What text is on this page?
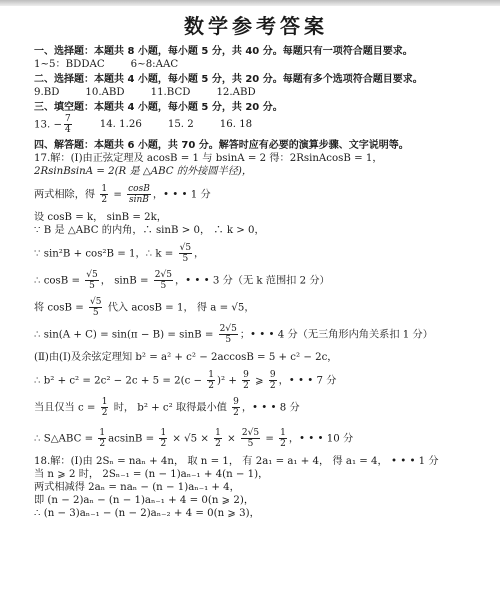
数学参考答案
一、选择题：本题共 8 小题，每小题 5 分，共 40 分。每题只有一项符合题目要求。
1~5：BDDAC	6~8:AAC
二、选择题：本题共 4 小题，每小题 5 分，共 20 分。每题有多个选项符合题目要求。
9.BD	10.ABD	11.BCD	12.ABD
三、填空题：本题共 4 小题，每小题 5 分，共 20 分。
13. − $\frac{7}{4}$	14. 1.26	15. 2	16. 18
四、解答题：本题共 6 小题，共 70 分。解答时应有必要的演算步骤、文字说明等。
17.解：(Ⅰ)由正弦定理及 acosB = 1 与 bsinA = 2 得：2RsinAcosB = 1，
2RsinBsinA = 2(R 是 △ABC 的外接圆半径)，
两式相除，得 $\frac{1}{2} = \frac{\cos B}{\sin B}$ ，• • • 1 分
设 cosB = k， sinB = 2k，
∵ B 是 △ABC 的内角，∴ sinB > 0， ∴ k > 0，
∵ sin²B + cos²B = 1，∴ $k = \frac{√5}{5}$ ，
∴ $\cos B = \frac{√5}{5}$ ， $\sin B = \frac{2√5}{5}$ ，• • • 3 分（无 k 范围扣 2 分）
将 $\cos B = \frac{√5}{5}$ 代入 acosB = 1， 得 a = √5，
∴ $\sin(A + C) = \sin(\pi - B) = \sin B = \frac{2√5}{5}$ ；• • • 4 分（无三角形内角关系扣 1 分）
(Ⅱ)由(Ⅰ)及余弦定理知 b² = a² + c² − 2accosB = 5 + c² − 2c，
∴ $b^2 + c^2 = 2c^2 - 2c + 5 = 2(c - \frac{1}{2} )^2 + \frac{9}{2}$ ⩾ $\frac{9}{2}$ ，• • • 7 分
当且仅当 $c = \frac{1}{2}$ 时， b² + c² 取得最小值 $\frac{9}{2}$ ，• • • 8 分
∴ S△ABC = $\frac{1}{2}$ $acsinB = \frac{1}{2} \times √5 \times \frac{1}{2} \times \frac{2√5}{5} = \frac{1}{2}$ ，• • • 10 分
18.解：(Ⅰ)由 2Sₙ = naₙ + 4n， 取 n = 1， 有 2a₁ = a₁ + 4， 得 a₁ = 4， • • • 1 分
当 n ⩾ 2 时， 2Sₙ₋₁ = (n − 1)aₙ₋₁ + 4(n − 1)，
两式相减得 2aₙ = naₙ − (n − 1)aₙ₋₁ + 4，
即 (n − 2)aₙ − (n − 1)aₙ₋₁ + 4 = 0(n ⩾ 2)，
∴ (n − 3)aₙ₋₁ − (n − 2)aₙ₋₂ + 4 = 0(n ⩾ 3)，
